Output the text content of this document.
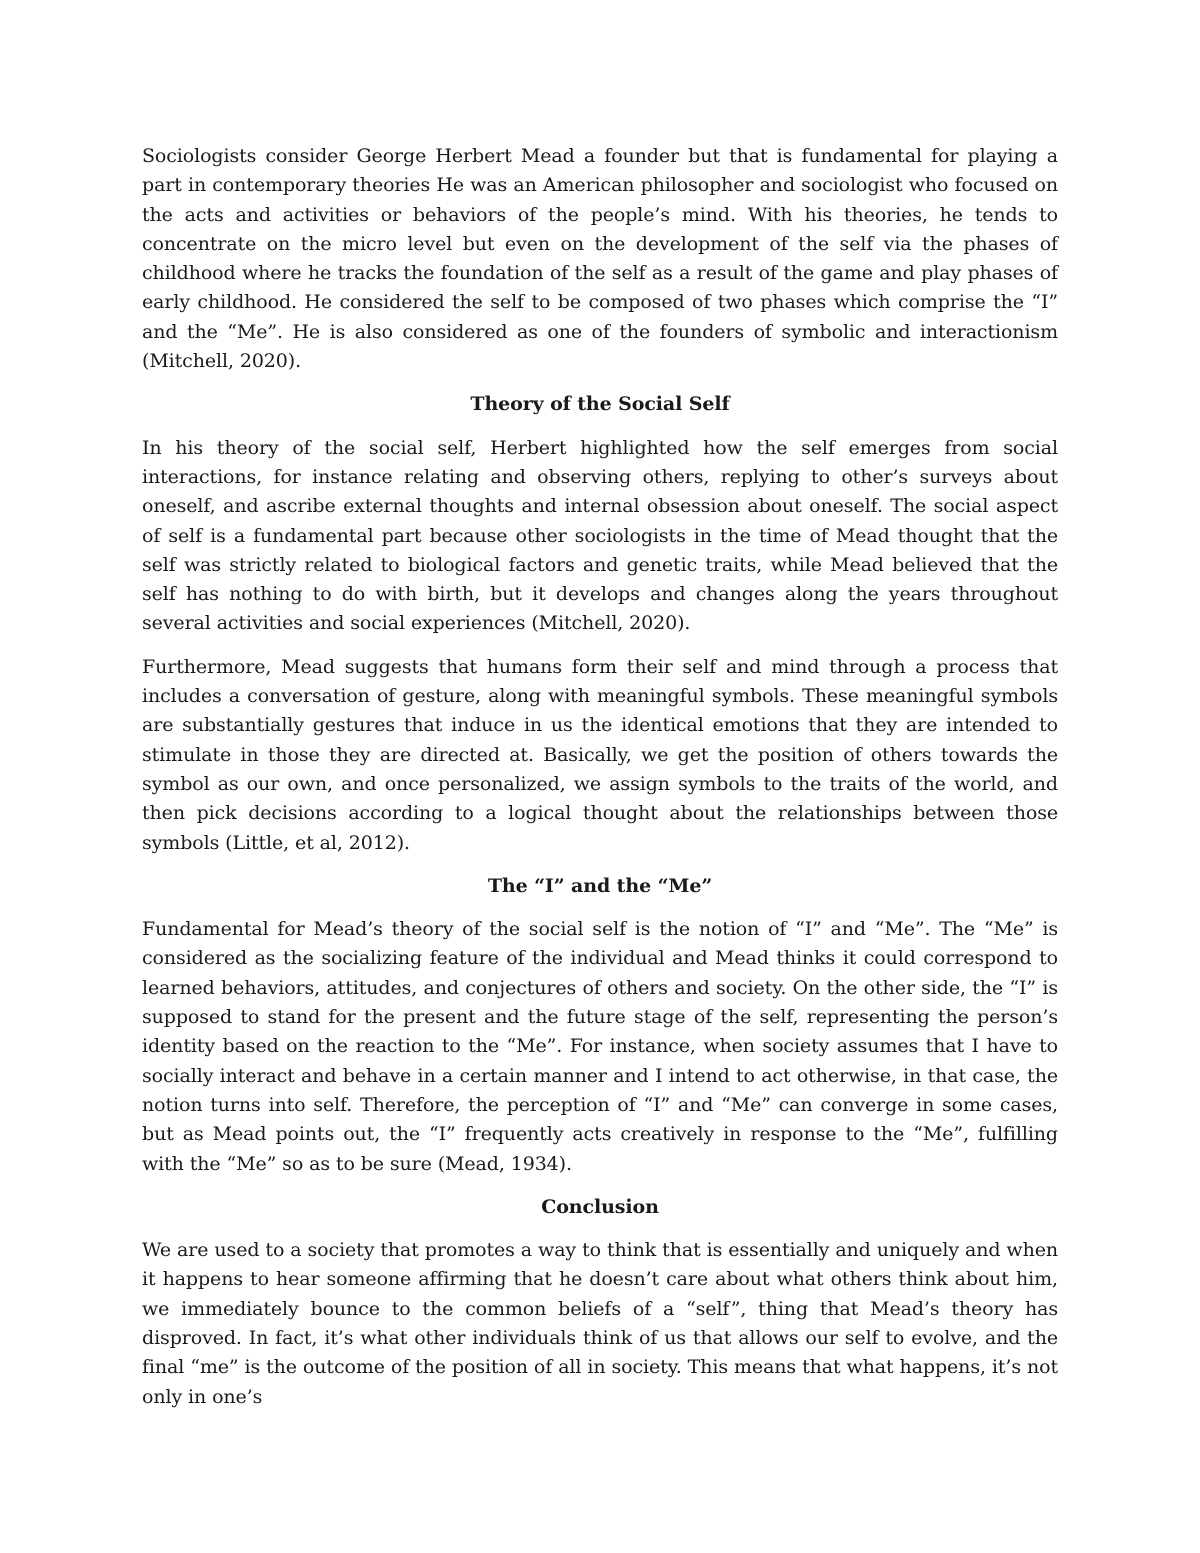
Sociologists consider George Herbert Mead a founder but that is fundamental for playing a part in contemporary theories He was an American philosopher and sociologist who focused on the acts and activities or behaviors of the people’s mind. With his theories, he tends to concentrate on the micro level but even on the development of the self via the phases of childhood where he tracks the foundation of the self as a result of the game and play phases of early childhood. He considered the self to be composed of two phases which comprise the “I” and the “Me”. He is also considered as one of the founders of symbolic and interactionism (Mitchell, 2020).

Theory of the Social Self

In his theory of the social self, Herbert highlighted how the self emerges from social interactions, for instance relating and observing others, replying to other’s surveys about oneself, and ascribe external thoughts and internal obsession about oneself. The social aspect of self is a fundamental part because other sociologists in the time of Mead thought that the self was strictly related to biological factors and genetic traits, while Mead believed that the self has nothing to do with birth, but it develops and changes along the years throughout several activities and social experiences (Mitchell, 2020).

Furthermore, Mead suggests that humans form their self and mind through a process that includes a conversation of gesture, along with meaningful symbols. These meaningful symbols are substantially gestures that induce in us the identical emotions that they are intended to stimulate in those they are directed at. Basically, we get the position of others towards the symbol as our own, and once personalized, we assign symbols to the traits of the world, and then pick decisions according to a logical thought about the relationships between those symbols (Little, et al, 2012).

The “I” and the “Me”

Fundamental for Mead’s theory of the social self is the notion of “I” and “Me”. The “Me” is considered as the socializing feature of the individual and Mead thinks it could correspond to learned behaviors, attitudes, and conjectures of others and society. On the other side, the “I” is supposed to stand for the present and the future stage of the self, representing the person’s identity based on the reaction to the “Me”. For instance, when society assumes that I have to socially interact and behave in a certain manner and I intend to act otherwise, in that case, the notion turns into self. Therefore, the perception of “I” and “Me” can converge in some cases, but as Mead points out, the “I” frequently acts creatively in response to the “Me”, fulfilling with the “Me” so as to be sure (Mead, 1934).

Conclusion

We are used to a society that promotes a way to think that is essentially and uniquely and when it happens to hear someone affirming that he doesn’t care about what others think about him, we immediately bounce to the common beliefs of a “self”, thing that Mead’s theory has disproved. In fact, it’s what other individuals think of us that allows our self to evolve, and the final “me” is the outcome of the position of all in society. This means that what happens, it’s not only in one’s
